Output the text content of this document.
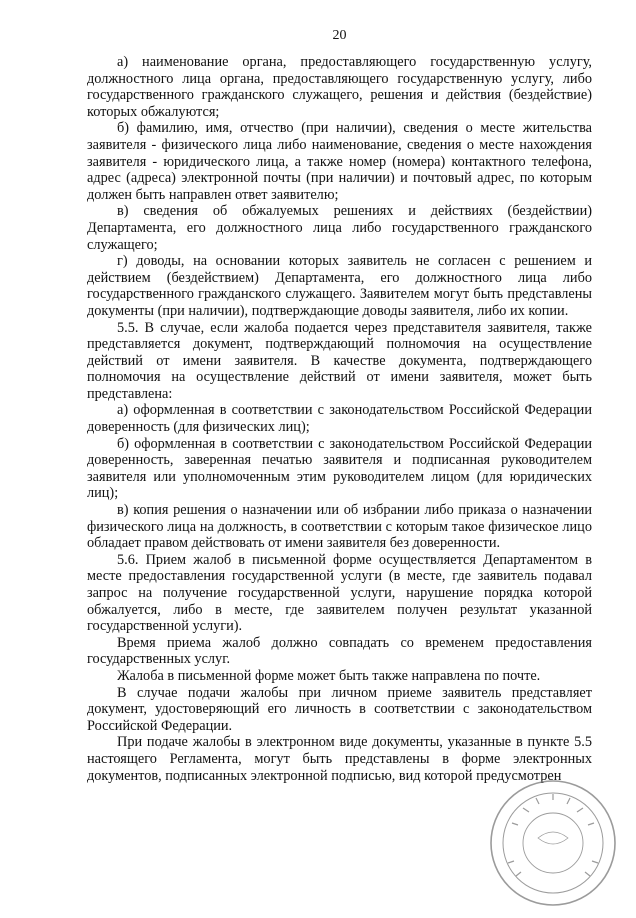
20

а) наименование органа, предоставляющего государственную услугу, должностного лица органа, предоставляющего государственную услугу, либо государственного гражданского служащего, решения и действия (бездействие) которых обжалуются;

б) фамилию, имя, отчество (при наличии), сведения о месте жительства заявителя - физического лица либо наименование, сведения о месте нахождения заявителя - юридического лица, а также номер (номера) контактного телефона, адрес (адреса) электронной почты (при наличии) и почтовый адрес, по которым должен быть направлен ответ заявителю;

в) сведения об обжалуемых решениях и действиях (бездействии) Департамента, его должностного лица либо государственного гражданского служащего;

г) доводы, на основании которых заявитель не согласен с решением и действием (бездействием) Департамента, его должностного лица либо государственного гражданского служащего. Заявителем могут быть представлены документы (при наличии), подтверждающие доводы заявителя, либо их копии.

5.5. В случае, если жалоба подается через представителя заявителя, также представляется документ, подтверждающий полномочия на осуществление действий от имени заявителя. В качестве документа, подтверждающего полномочия на осуществление действий от имени заявителя, может быть представлена:

а) оформленная в соответствии с законодательством Российской Федерации доверенность (для физических лиц);

б) оформленная в соответствии с законодательством Российской Федерации доверенность, заверенная печатью заявителя и подписанная руководителем заявителя или уполномоченным этим руководителем лицом (для юридических лиц);

в) копия решения о назначении или об избрании либо приказа о назначении физического лица на должность, в соответствии с которым такое физическое лицо обладает правом действовать от имени заявителя без доверенности.

5.6. Прием жалоб в письменной форме осуществляется Департаментом в месте предоставления государственной услуги (в месте, где заявитель подавал запрос на получение государственной услуги, нарушение порядка которой обжалуется, либо в месте, где заявителем получен результат указанной государственной услуги).

Время приема жалоб должно совпадать со временем предоставления государственных услуг.

Жалоба в письменной форме может быть также направлена по почте.

В случае подачи жалобы при личном приеме заявитель представляет документ, удостоверяющий его личность в соответствии с законодательством Российской Федерации.

При подаче жалобы в электронном виде документы, указанные в пункте 5.5 настоящего Регламента, могут быть представлены в форме электронных документов, подписанных электронной подписью, вид которой предусмотрен
